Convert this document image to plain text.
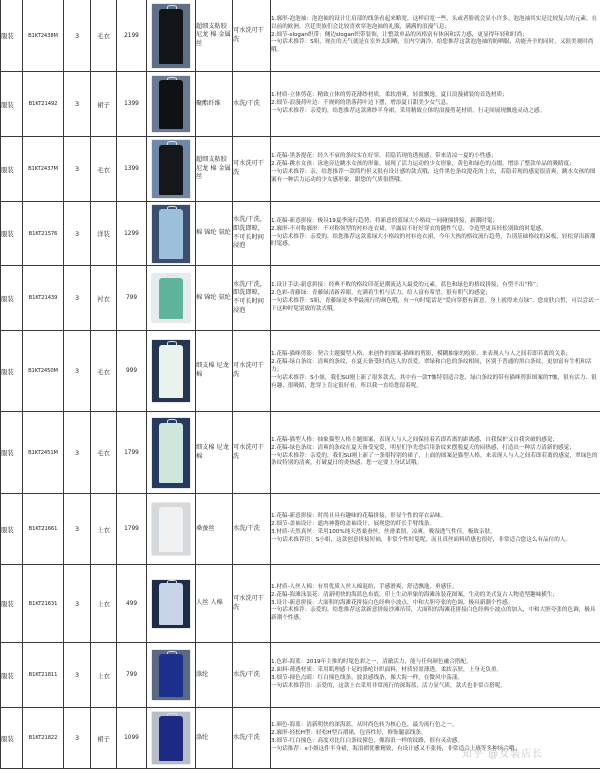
服装	B1KT2438M	3	毛衣	2199		超细支粘胶 尼龙 棉 金属丝	可水洗可干洗	1.廓形-泡泡袖：泡泡袖的设计让肩部的线条看起来略宽，这样肩宽一些，头或者脸就会显小许多。泡泡袖其实是比较复古的元素，在以前的欧洲，宫廷贵族们会比较喜欢穿泡泡袖的礼服，满满的浪漫气息；
2.细节-slogan织带：侧边slogan织带装饰，让整款单品的风格富有休闲和活力感，更显得年轻和时尚；
一句话术推荐：S姐，现在的天气就是在室外太阳晒，室内空调冷，给您推荐这款泡泡袖的防晒服，功能齐全的同时，又很美观时尚哦。

服装	B1KT21492	3	裙子	1399		聚酯纤维	水洗/干洗	1.材质-立体剪花：精致立体的剪花薄纱材质，柔软滑爽，轻盈飘逸，夏日浪漫裙装的首选材质；
2.细节-浪漫荷叶边：不规则的错落荷叶边下摆，增添夏日甜美少女气息。
一句话术推荐：亲爱的，给您推荐这款薄纱半身裙，采用精致立体的浪漫剪花材质，行走间展现飘逸灵动之感。

服装	B1KT2437M	3	毛衣	1399		超细支粘胶 尼龙 棉 金属丝	可水洗可干洗	1.花稿-黑条提花：经久不衰的条纹实在好穿，若隐若现的透视感，带来清凉一夏的小性感；
2.花稿-跳水女孩：泳池旁边跳水女孩的形象，展现了活力运动的少女形象，黄色和绿色的点缀，增添了整款单品的吸睛度；
一句话术推荐：亲，给您推荐一款简约但又很有设计感的款式哦，这件黑色条纹提花的上衣，若隐若现的感觉很清爽，跳水女孩的图案有一种活力运动的少女感形象，跟您的气质很搭哦。

服装	B1KT21576	3	洋装	1299		棉 锦纶 氨纶	水洗/干洗，即洗即晾，不可长时间浸泡	1.花稿-新意拼接：极具19夏季流行趋势，将新意的蓝绿大小格纹一同碰撞拼接，新潮时髦；
2.廓形-不对称廓形：不对称领型的衬衫连衣裙，半露肩不好好穿衣的随性气息，令造型更具轻松别致的时髦感。
一句话术推荐：亲爱的，给您推荐这款蓝绿大小格纹的衬衫连衣裙，今年大热的格纹流行趋势，告别基础格纹的呆板，轻松穿出新潮时髦感。

服装	B1KT21439	3	衬衣	799		棉 锦纶 氨纶	水洗/干洗，即洗即晾，不可长时间浸泡	1.设计手法-新意拼接：经典不败的格纹印花是潮流达人最爱的元素，蓝色和绿色的格纹拼接，有型不出“格”；
2.色彩-青藤绿：青藤绿清新养眼，充满着生机与活力，给人富有希望、很有朝气的感觉；
一句话术推荐：S姐，青藤绿是本季最流行的颜色哦，有一句时髦话是“爱向穿搭有新意，身上就得来点绿”，您皮肤白皙，可以尝试一下这种时髦别致的款式哦。

服装	B1KT2450M	3	毛衣	999		细支棉 尼龙 棉	可水洗可干洗	1.花稿-猫咪剪影：契合主题猫型人格，来创作的图案-猫咪的剪影，模糊抽象的绘影，来表现人与人之间若即若离的关系；
2.花稿-绿白条纹：清爽的条纹，在夏天备受时尚达人的喜爱，翠绿和白色的条纹相间，区别于普通的黑白条纹，更加富有生机和活力；
一句话术推荐：S小姐，我们SU刚上新了很多款式，其中有一款T恤特别适合您，绿白条纹的带有猫咪剪影图案的T恤，很有活力、很有趣、很吸睛，您穿上肯定很好看，所以我一直给您留着呢。

服装	B1KT2451M	3	毛衣	1799		细支棉 尼龙 棉	可水洗可干洗	1.花稿-猫型人格：抽象猫型人格主题图案，表现人与人之间保持着若即若离的距离感，自我保护又自我突破的感觉；
2.花稿-绿色条纹：清爽的条纹在夏天备受宠爱，明星们争先恐后用条纹来摆脱夏天的闷热感，打造出一种活力清新的感觉；
一句话术推荐：亲爱的，我们SU刚上新了一条很特别的裙子，上面的图案是猫型人格，来表现人与人之间若即若离的感觉，翠绿色的条纹特别的清爽，打破夏日的炎热感，您一定要上身试试哦。

服装	B1KT21661	3	上衣	1799		桑蚕丝	水洗/干洗	1.花稿-新意拼接：时尚且具有趣味的花稿拼接，彰显个性的穿衣品味。
2.细节-盖袖设计：遮肉神器的盖袖设计，展现您的纤长手臂线条。
3.材质-天然真丝：采用100%纯天然桑蚕丝，丝滑柔韧，凉爽，吸湿透气性佳，极致亲肤。
一句话术推荐语：S小姐，这款创意拼接短袖，非常个性时髦呢，而且真丝面料质感也很好，非常适合您这么有品位的人。

服装	B1KT21631	3	上衣	499		人丝 人棉	可水洗可干洗	1.材质-人丝人棉：有用优质人丝人棉混纺，手感滑爽，舒适飘逸，垂感佳；
2.花稿-海滩泳装花：清新明快的海蓝色布底，印上生动形象的海滩泳装花图案，生动的美式复古人物造型趣味横生；
3.设计-新意拼接：大面积的海滩花拼接白色经典小波点，中和大胆夸张的色调，极具新潮个性感。
一句话术推荐：亲爱的，给您推荐这款新意拼接沙滩吊带，大面积的海滩花拼接白色经典小波点的加入，中和大胆夸张的色调，极具新潮个性感。

服装	B1KT21811	3	上衣	799		涤纶	水洗/干洗	1.色彩-海蓝：2019年主推的时髦色彩之一，清澈活力，能与任何颜色融合搭配。
2.面料-薄透材质：采用肌理感十足的涤纶针织面料，材质轻盈薄透，柔软亲肤，上身无负重。
3.细节-撞色点睛：红白撞色线条，波浪感线条，像大海一样，在微风中荡漾。
一句话术推荐语：亲爱的，这款上衣采用非常流行的深海蓝，活力显气质，款式也非常百搭呢。

服装	B1KT21822	3	裙子	1099		涤纶	水洗/干洗	1.颜色-海蓝：清新明快的深海蓝，从时尚色转为核心色，最为流行色之一。
2.廓形-轻松H型：轻松H型百褶裙，包容性好，修饰腿部线条。
3.细节-红白撞色：高度对比红白条纹撞色，像海浪一样的纹路，很有灵动感。
一句话推荐：s小姐这件半身裙，海浪褶优雅精致，有设计感又不张扬，非常适合上班等多种场合哦。
知乎 @女装店长
